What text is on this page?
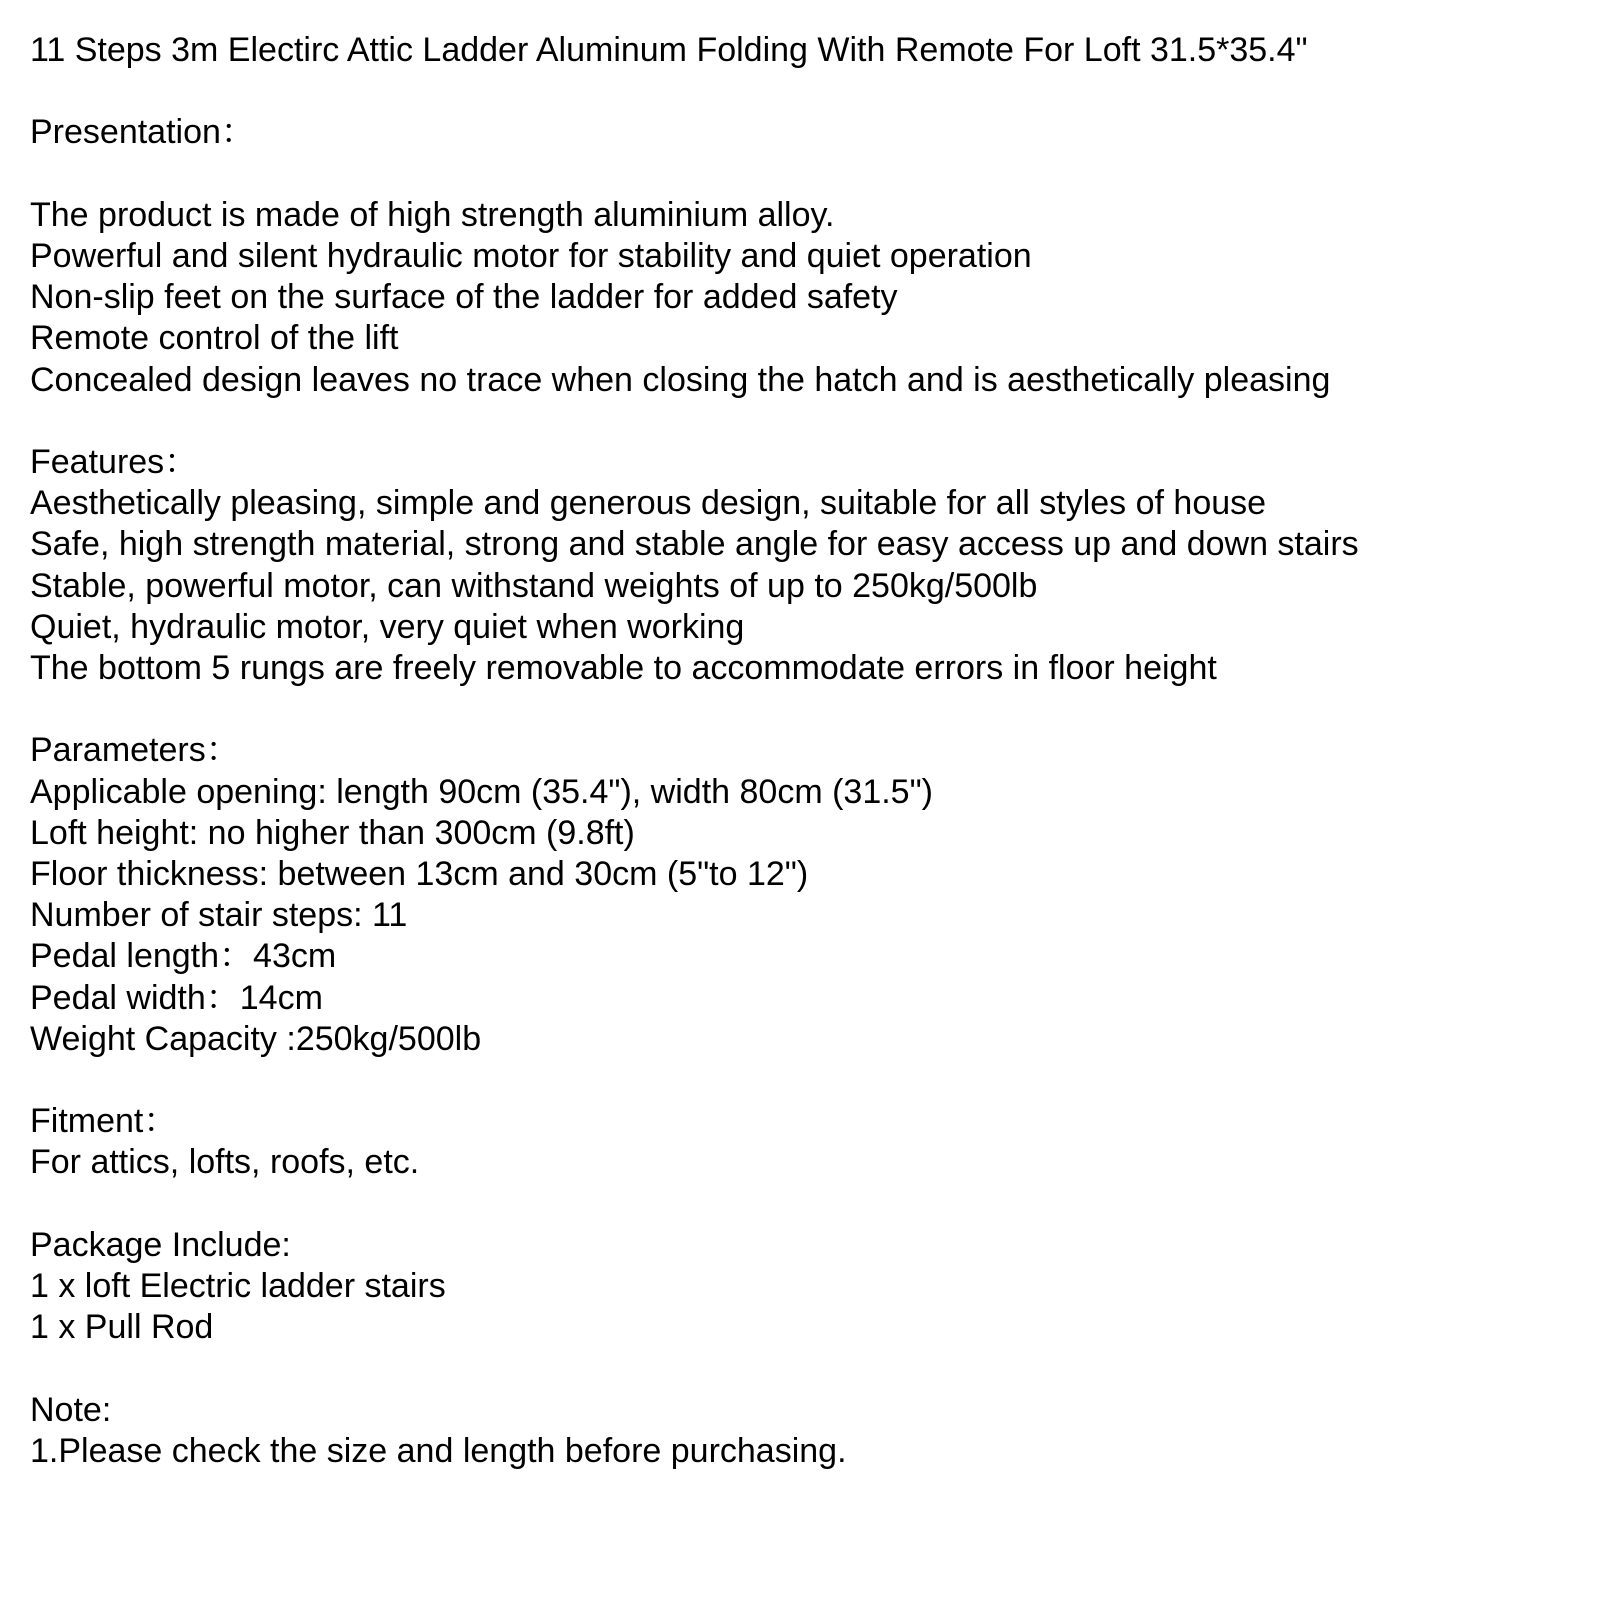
11 Steps 3m Electirc Attic Ladder Aluminum Folding With Remote For Loft 31.5*35.4"
Presentation：
The product is made of high strength aluminium alloy.
Powerful and silent hydraulic motor for stability and quiet operation
Non-slip feet on the surface of the ladder for added safety
Remote control of the lift
Concealed design leaves no trace when closing the hatch and is aesthetically pleasing
Features：
Aesthetically pleasing, simple and generous design, suitable for all styles of house
Safe, high strength material, strong and stable angle for easy access up and down stairs
Stable, powerful motor, can withstand weights of up to 250kg/500lb
Quiet, hydraulic motor, very quiet when working
The bottom 5 rungs are freely removable to accommodate errors in floor height
Parameters：
Applicable opening: length 90cm (35.4"), width 80cm (31.5")
Loft height: no higher than 300cm (9.8ft)
Floor thickness: between 13cm and 30cm (5"to 12")
Number of stair steps: 11
Pedal length：43cm
Pedal width：14cm
Weight Capacity :250kg/500lb
Fitment：
For attics, lofts, roofs, etc.
Package Include:
1 x loft Electric ladder stairs
1 x Pull Rod
Note:
1.Please check the size and length before purchasing.
